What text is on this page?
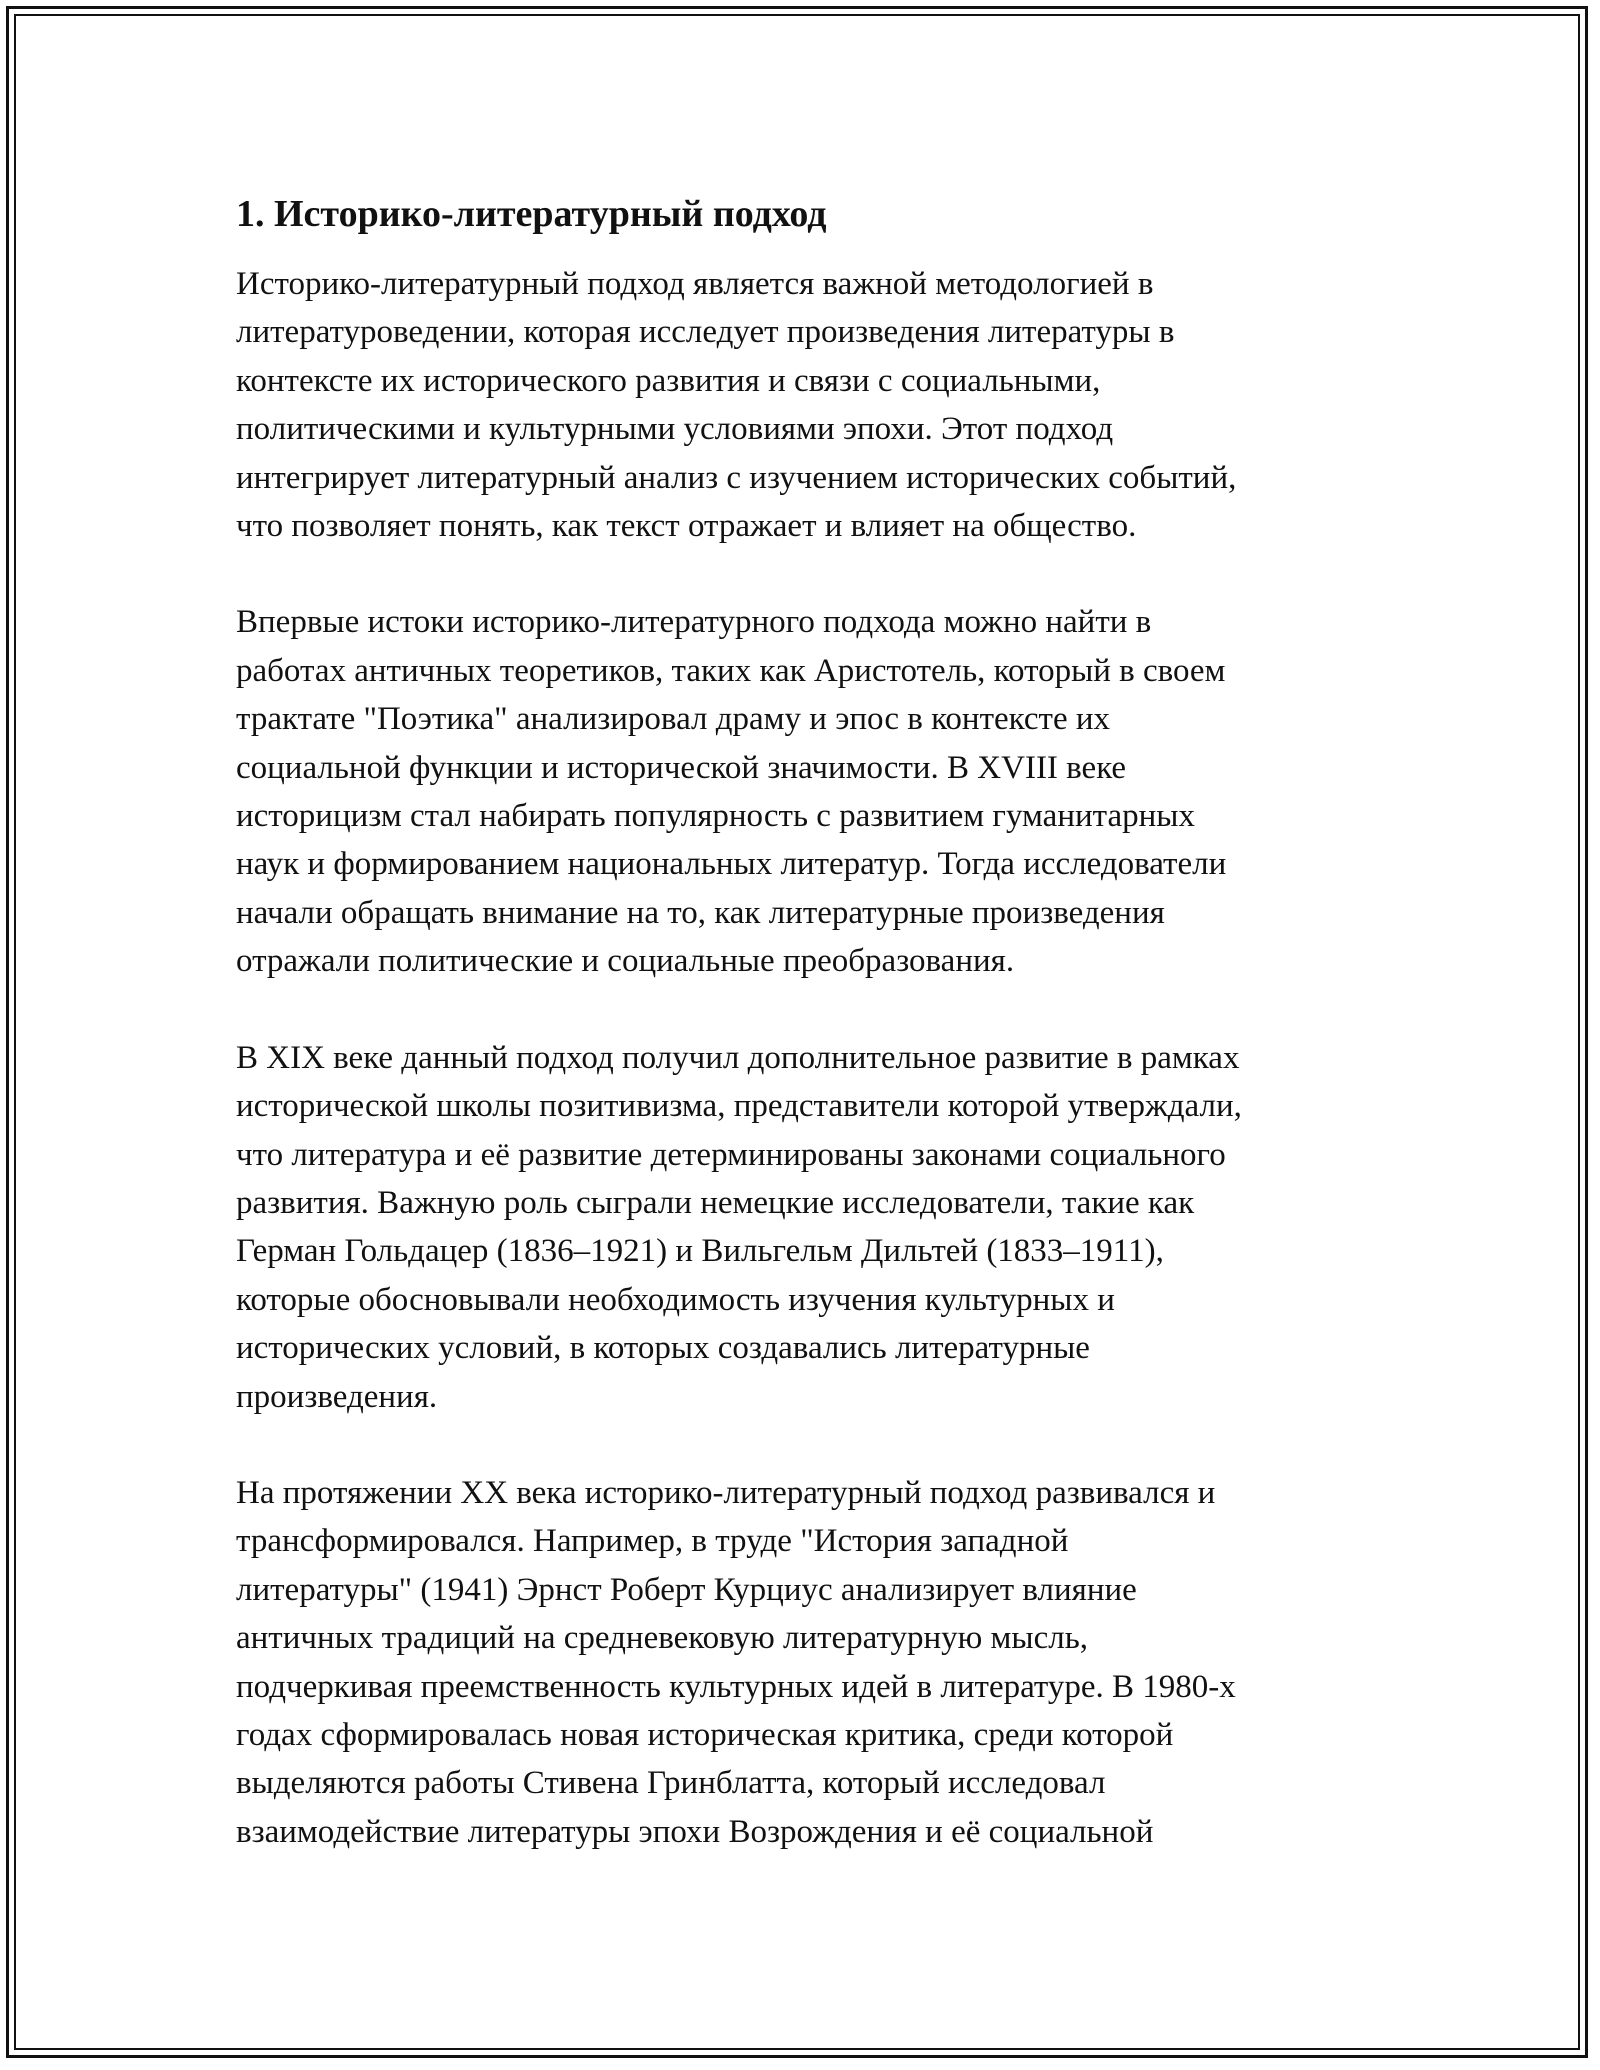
1. Историко-литературный подход

Историко-литературный подход является важной методологией в
литературоведении, которая исследует произведения литературы в
контексте их исторического развития и связи с социальными,
политическими и культурными условиями эпохи. Этот подход
интегрирует литературный анализ с изучением исторических событий,
что позволяет понять, как текст отражает и влияет на общество.

Впервые истоки историко-литературного подхода можно найти в
работах античных теоретиков, таких как Аристотель, который в своем
трактате "Поэтика" анализировал драму и эпос в контексте их
социальной функции и исторической значимости. В XVIII веке
историцизм стал набирать популярность с развитием гуманитарных
наук и формированием национальных литератур. Тогда исследователи
начали обращать внимание на то, как литературные произведения
отражали политические и социальные преобразования.

В XIX веке данный подход получил дополнительное развитие в рамках
исторической школы позитивизма, представители которой утверждали,
что литература и её развитие детерминированы законами социального
развития. Важную роль сыграли немецкие исследователи, такие как
Герман Гольдацер (1836–1921) и Вильгельм Дильтей (1833–1911),
которые обосновывали необходимость изучения культурных и
исторических условий, в которых создавались литературные
произведения.

На протяжении XX века историко-литературный подход развивался и
трансформировался. Например, в труде "История западной
литературы" (1941) Эрнст Роберт Курциус анализирует влияние
античных традиций на средневековую литературную мысль,
подчеркивая преемственность культурных идей в литературе. В 1980-х
годах сформировалась новая историческая критика, среди которой
выделяются работы Стивена Гринблатта, который исследовал
взаимодействие литературы эпохи Возрождения и её социальной
